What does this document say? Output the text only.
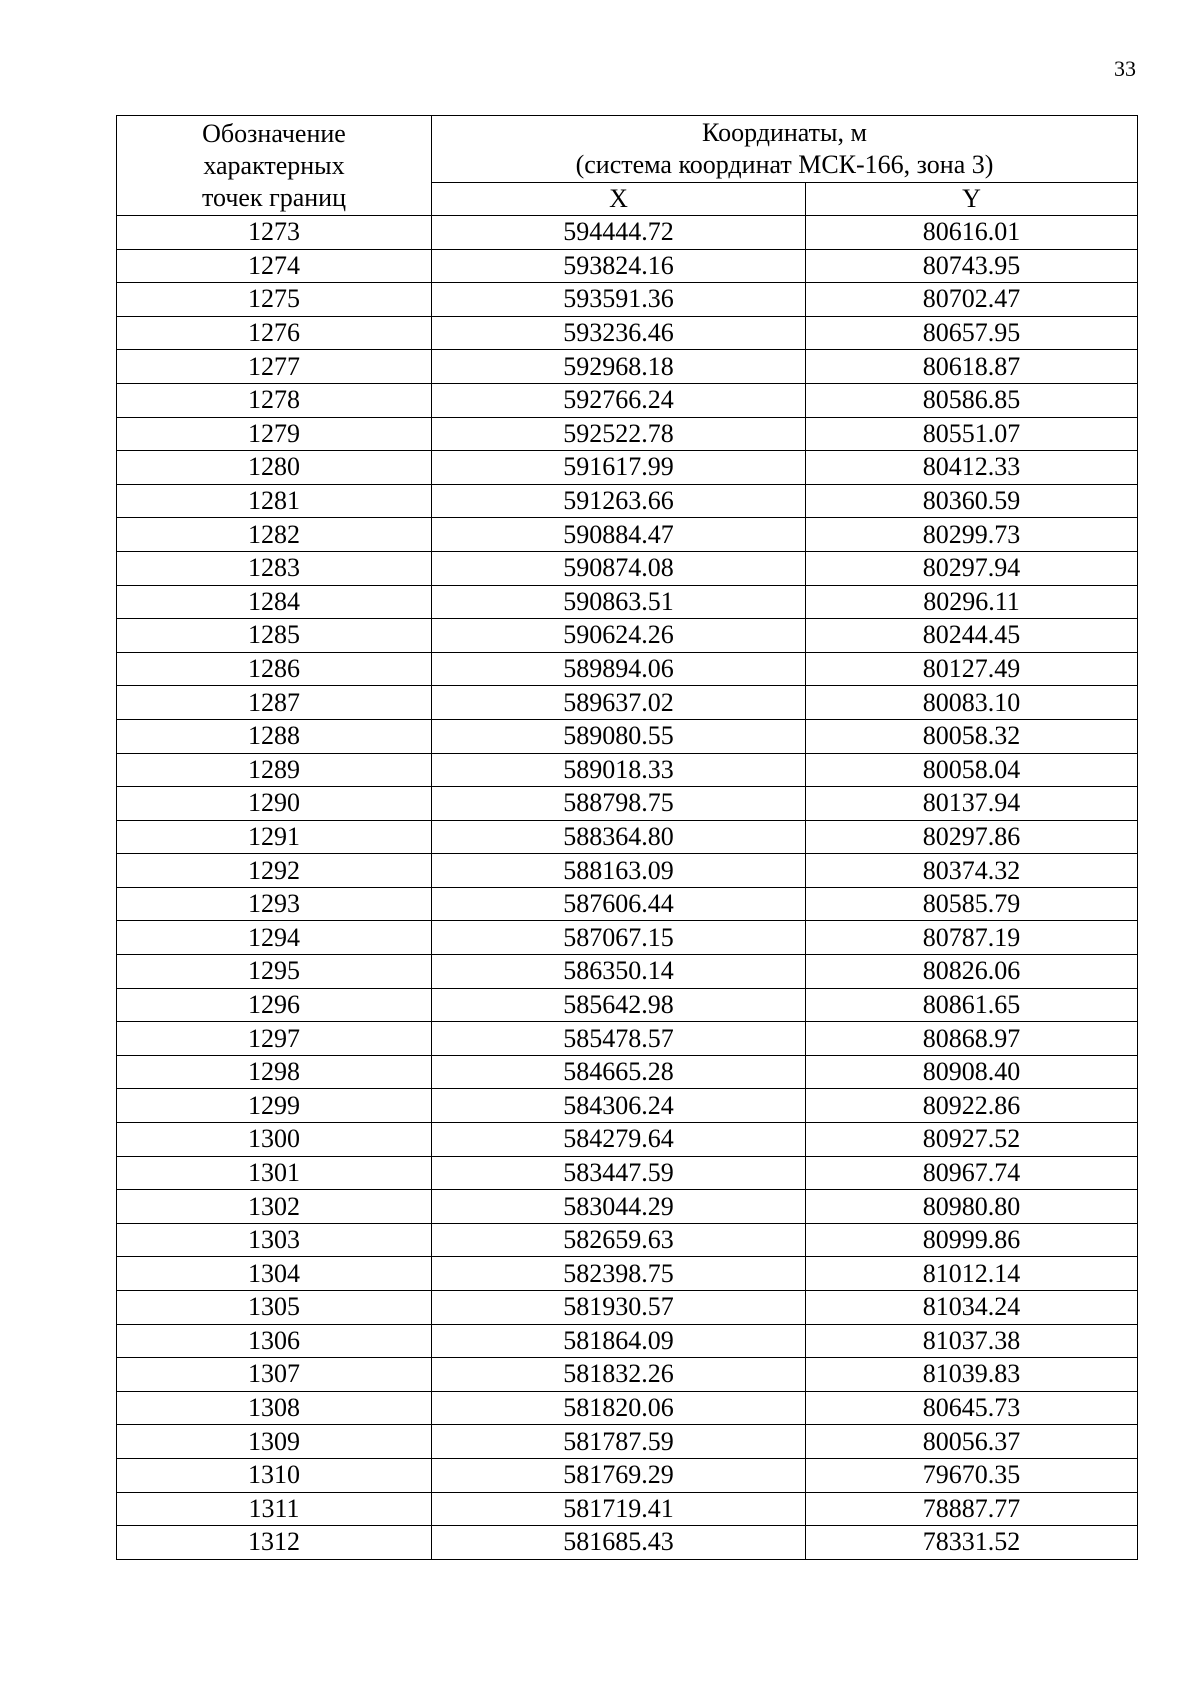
33
Обозначение
характерных
точек границ	Координаты, м
(система координат МСК-166, зона 3)	

	X	Y
1273	594444.72	80616.01
1274	593824.16	80743.95
1275	593591.36	80702.47
1276	593236.46	80657.95
1277	592968.18	80618.87
1278	592766.24	80586.85
1279	592522.78	80551.07
1280	591617.99	80412.33
1281	591263.66	80360.59
1282	590884.47	80299.73
1283	590874.08	80297.94
1284	590863.51	80296.11
1285	590624.26	80244.45
1286	589894.06	80127.49
1287	589637.02	80083.10
1288	589080.55	80058.32
1289	589018.33	80058.04
1290	588798.75	80137.94
1291	588364.80	80297.86
1292	588163.09	80374.32
1293	587606.44	80585.79
1294	587067.15	80787.19
1295	586350.14	80826.06
1296	585642.98	80861.65
1297	585478.57	80868.97
1298	584665.28	80908.40
1299	584306.24	80922.86
1300	584279.64	80927.52
1301	583447.59	80967.74
1302	583044.29	80980.80
1303	582659.63	80999.86
1304	582398.75	81012.14
1305	581930.57	81034.24
1306	581864.09	81037.38
1307	581832.26	81039.83
1308	581820.06	80645.73
1309	581787.59	80056.37
1310	581769.29	79670.35
1311	581719.41	78887.77
1312	581685.43	78331.52
